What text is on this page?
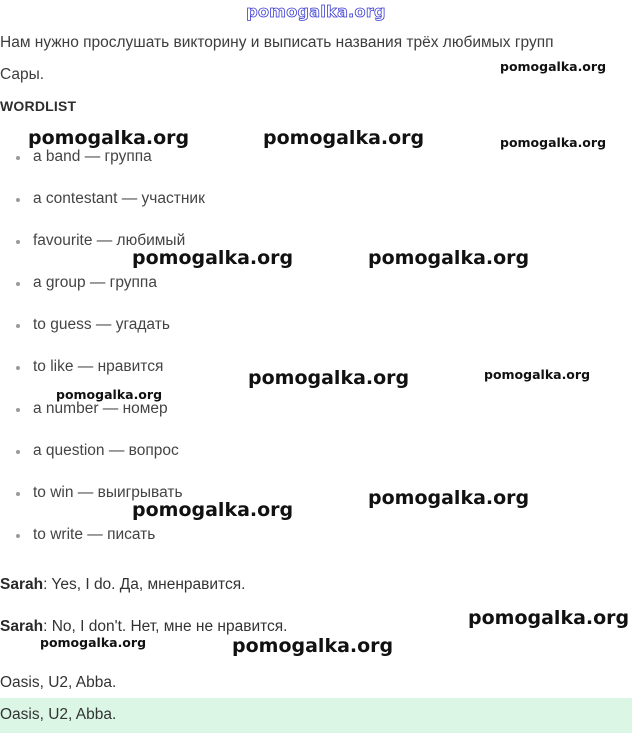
pomogalka.org
Нам нужно прослушать викторину и выписать названия трёх любимых групп
Сары.
WORDLIST
a band — группа
a contestant — участник
favourite — любимый
a group — группа
to guess — угадать
to like — нравится
a number — номер
a question — вопрос
to win — выигрывать
to write — писать

Sarah: Yes, I do. Да, мненравится.
Sarah: No, I don't. Нет, мне не нравится.
Oasis, U2, Abba.
Oasis, U2, Abba.
pomogalka.org	pomogalka.org
pomogalka.org
pomogalka.org
pomogalka.org	pomogalka.org
pomogalka.org	pomogalka.org
pomogalka.org
pomogalka.org
pomogalka.org
pomogalka.org
pomogalka.org	pomogalka.org
